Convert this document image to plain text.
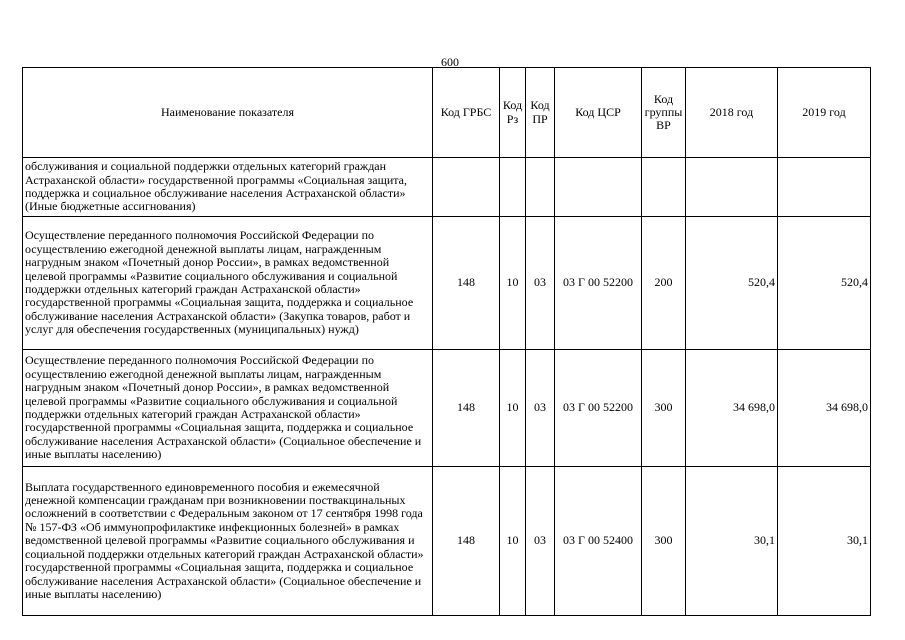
600
Наименование показателя	Код ГРБС	Код Рз	Код ПР	Код ЦСР	Код группы ВР	2018 год	2019 год
обслуживания и социальной поддержки отдельных категорий граждан Астраханской области» государственной программы «Социальная защита, поддержка и социальное обслуживание населения Астраханской области» (Иные бюджетные ассигнования)							
Осуществление переданного полномочия Российской Федерации по осуществлению ежегодной денежной выплаты лицам, награжденным нагрудным знаком «Почетный донор России», в рамках ведомственной целевой программы «Развитие социального обслуживания и социальной поддержки отдельных категорий граждан Астраханской области» государственной программы «Социальная защита, поддержка и социальное обслуживание населения Астраханской области» (Закупка товаров, работ и услуг для обеспечения государственных (муниципальных) нужд)	148	10	03	03 Г 00 52200	200	520,4	520,4
Осуществление переданного полномочия Российской Федерации по осуществлению ежегодной денежной выплаты лицам, награжденным нагрудным знаком «Почетный донор России», в рамках ведомственной целевой программы «Развитие социального обслуживания и социальной поддержки отдельных категорий граждан Астраханской области» государственной программы «Социальная защита, поддержка и социальное обслуживание населения Астраханской области» (Социальное обеспечение и иные выплаты населению)	148	10	03	03 Г 00 52200	300	34 698,0	34 698,0
Выплата государственного единовременного пособия и ежемесячной денежной компенсации гражданам при возникновении поствакцинальных осложнений в соответствии с Федеральным законом от 17 сентября 1998 года № 157-ФЗ «Об иммунопрофилактике инфекционных болезней» в рамках ведомственной целевой программы «Развитие социального обслуживания и социальной поддержки отдельных категорий граждан Астраханской области» государственной программы «Социальная защита, поддержка и социальное обслуживание населения Астраханской области» (Социальное обеспечение и иные выплаты населению)	148	10	03	03 Г 00 52400	300	30,1	30,1
